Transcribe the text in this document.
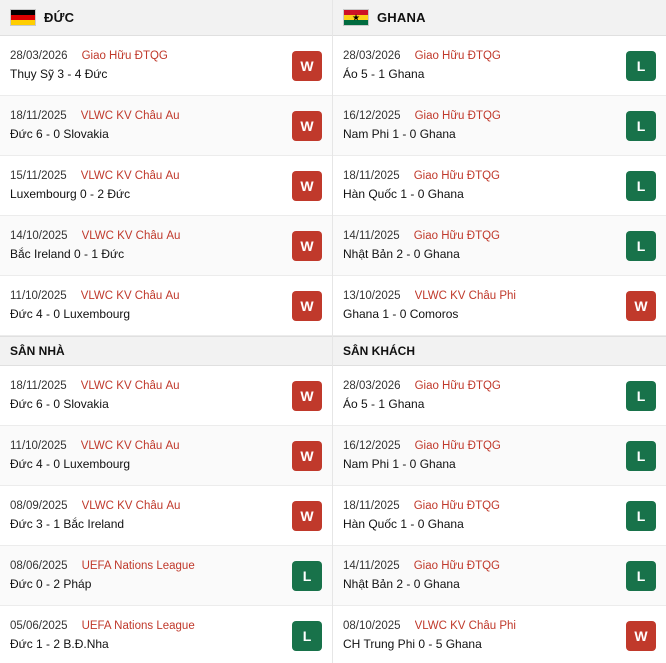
ĐỨC
28/03/2026 Giao Hữu ĐTQG
Thụy Sỹ 3 - 4 Đức
W
18/11/2025 VLWC KV Châu Âu
Đức 6 - 0 Slovakia
W
15/11/2025 VLWC KV Châu Âu
Luxembourg 0 - 2 Đức
W
14/10/2025 VLWC KV Châu Âu
Bắc Ireland 0 - 1 Đức
W
11/10/2025 VLWC KV Châu Âu
Đức 4 - 0 Luxembourg
W
SÂN NHÀ
18/11/2025 VLWC KV Châu Âu
Đức 6 - 0 Slovakia
W
11/10/2025 VLWC KV Châu Âu
Đức 4 - 0 Luxembourg
W
08/09/2025 VLWC KV Châu Âu
Đức 3 - 1 Bắc Ireland
W
08/06/2025 UEFA Nations League
Đức 0 - 2 Pháp
L
05/06/2025 UEFA Nations League
Đức 1 - 2 B.Đ.Nha
L
★ GHANA
28/03/2026 Giao Hữu ĐTQG
Áo 5 - 1 Ghana
L
16/12/2025 Giao Hữu ĐTQG
Nam Phi 1 - 0 Ghana
L
18/11/2025 Giao Hữu ĐTQG
Hàn Quốc 1 - 0 Ghana
L
14/11/2025 Giao Hữu ĐTQG
Nhật Bản 2 - 0 Ghana
L
13/10/2025 VLWC KV Châu Phi
Ghana 1 - 0 Comoros
W
SÂN KHÁCH
28/03/2026 Giao Hữu ĐTQG
Áo 5 - 1 Ghana
L
16/12/2025 Giao Hữu ĐTQG
Nam Phi 1 - 0 Ghana
L
18/11/2025 Giao Hữu ĐTQG
Hàn Quốc 1 - 0 Ghana
L
14/11/2025 Giao Hữu ĐTQG
Nhật Bản 2 - 0 Ghana
L
08/10/2025 VLWC KV Châu Phi
CH Trung Phi 0 - 5 Ghana
W
